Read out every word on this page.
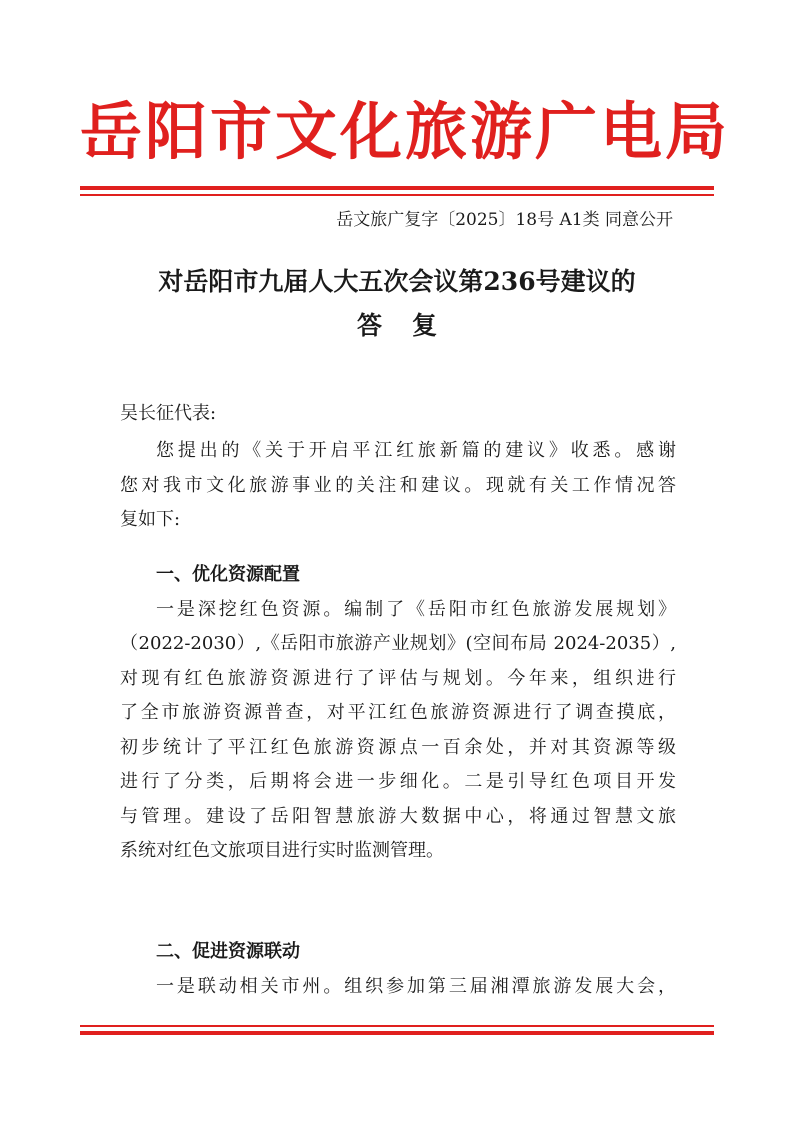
岳阳市文化旅游广电局
岳文旅广复字〔2025〕18号 A1类 同意公开
对岳阳市九届人大五次会议第236号建议的
答复
吴长征代表:
您提出的《关于开启平江红旅新篇的建议》收悉。感谢
您对我市文化旅游事业的关注和建议。现就有关工作情况答
复如下:
一、优化资源配置
一是深挖红色资源。编制了《岳阳市红色旅游发展规划》
（2022-2030）,《岳阳市旅游产业规划》(空间布局 2024-2035）,
对现有红色旅游资源进行了评估与规划。今年来，组织进行
了全市旅游资源普查，对平江红色旅游资源进行了调查摸底，
初步统计了平江红色旅游资源点一百余处，并对其资源等级
进行了分类，后期将会进一步细化。二是引导红色项目开发
与管理。建设了岳阳智慧旅游大数据中心，将通过智慧文旅
系统对红色文旅项目进行实时监测管理。
二、促进资源联动
一是联动相关市州。组织参加第三届湘潭旅游发展大会，
